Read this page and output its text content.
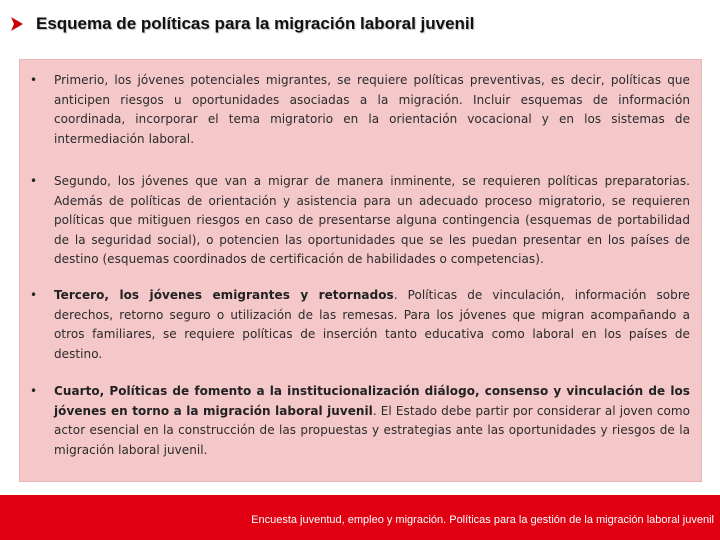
Esquema de políticas para la migración laboral juvenil
•	Primerio, los jóvenes potenciales migrantes, se requiere políticas preventivas, es decir, políticas que anticipen riesgos u oportunidades asociadas a la migración. Incluir esquemas de información coordinada, incorporar el tema migratorio en la orientación vocacional y en los sistemas de intermediación laboral.
•	Segundo, los jóvenes que van a migrar de manera inminente, se requieren políticas preparatorias. Además de políticas de orientación y asistencia para un adecuado proceso migratorio, se requieren políticas que mitiguen riesgos en caso de presentarse alguna contingencia (esquemas de portabilidad de la seguridad social), o potencien las oportunidades que se les puedan presentar en los países de destino (esquemas coordinados de certificación de habilidades o competencias).
•	Tercero, los jóvenes emigrantes y retornados. Políticas de vinculación, información sobre derechos, retorno seguro o utilización de las remesas. Para los jóvenes que migran acompañando a otros familiares, se requiere políticas de inserción tanto educativa como laboral en los países de destino.
•	Cuarto, Políticas de fomento a la institucionalización diálogo, consenso y vinculación de los jóvenes en torno a la migración laboral juvenil. El Estado debe partir por considerar al joven como actor esencial en la construcción de las propuestas y estrategias ante las oportunidades y riesgos de la migración laboral juvenil.
Encuesta juventud, empleo y migración. Políticas para la gestión de la migración laboral juvenil
